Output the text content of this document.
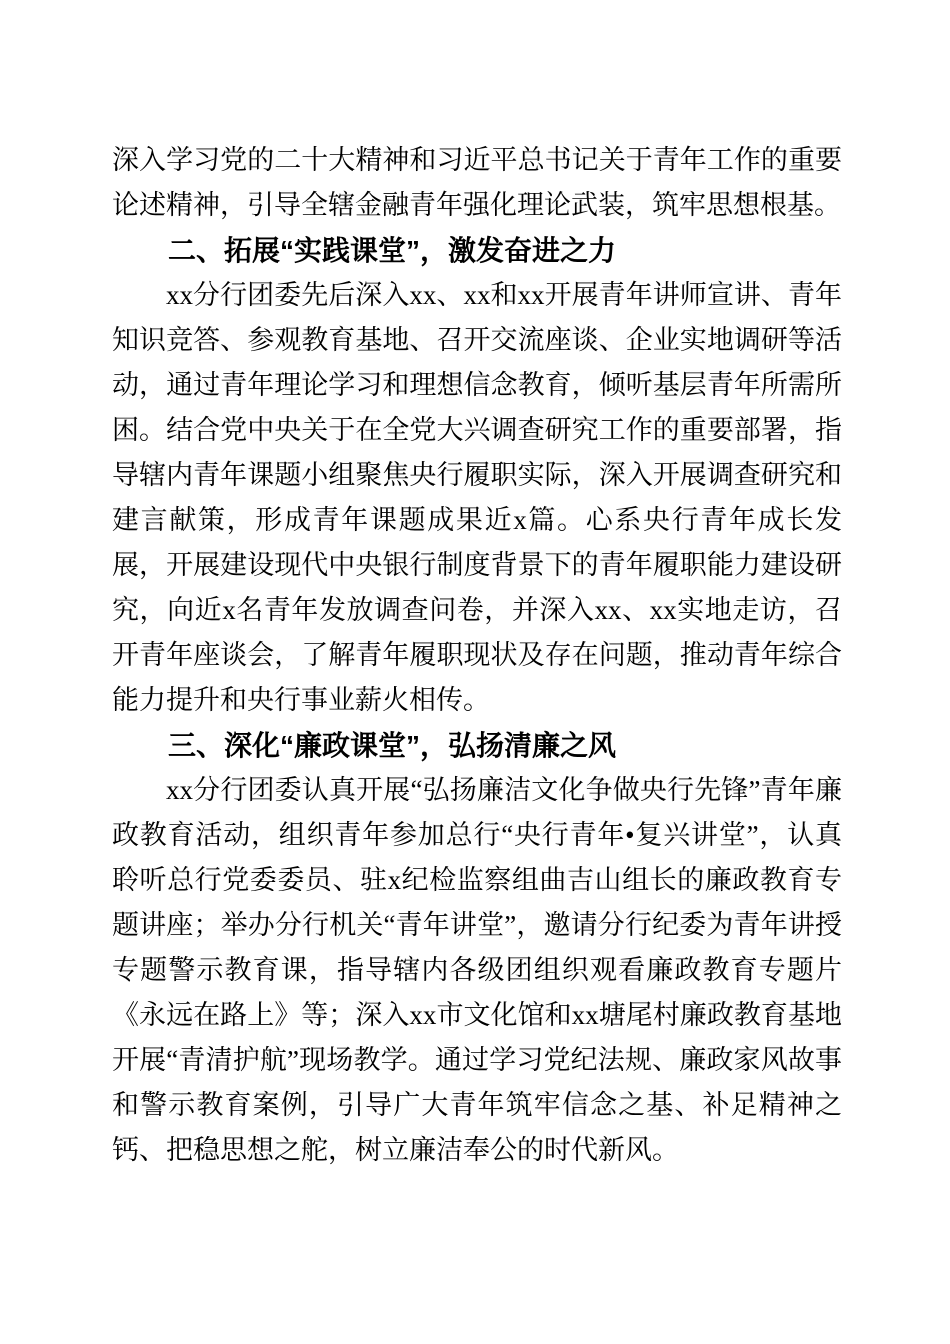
深入学习党的二十大精神和习近平总书记关于青年工作的重要论述精神，引导全辖金融青年强化理论武装，筑牢思想根基。

二、拓展“实践课堂”，激发奋进之力

xx分行团委先后深入xx、xx和xx开展青年讲师宣讲、青年知识竞答、参观教育基地、召开交流座谈、企业实地调研等活动，通过青年理论学习和理想信念教育，倾听基层青年所需所困。结合党中央关于在全党大兴调查研究工作的重要部署，指导辖内青年课题小组聚焦央行履职实际，深入开展调查研究和建言献策，形成青年课题成果近x篇。心系央行青年成长发展，开展建设现代中央银行制度背景下的青年履职能力建设研究，向近x名青年发放调查问卷，并深入xx、xx实地走访，召开青年座谈会，了解青年履职现状及存在问题，推动青年综合能力提升和央行事业薪火相传。

三、深化“廉政课堂”，弘扬清廉之风

xx分行团委认真开展“弘扬廉洁文化争做央行先锋”青年廉政教育活动，组织青年参加总行“央行青年•复兴讲堂”，认真聆听总行党委委员、驻x纪检监察组曲吉山组长的廉政教育专题讲座；举办分行机关“青年讲堂”，邀请分行纪委为青年讲授专题警示教育课，指导辖内各级团组织观看廉政教育专题片《永远在路上》等；深入xx市文化馆和xx塘尾村廉政教育基地开展“青清护航”现场教学。通过学习党纪法规、廉政家风故事和警示教育案例，引导广大青年筑牢信念之基、补足精神之钙、把稳思想之舵，树立廉洁奉公的时代新风。
